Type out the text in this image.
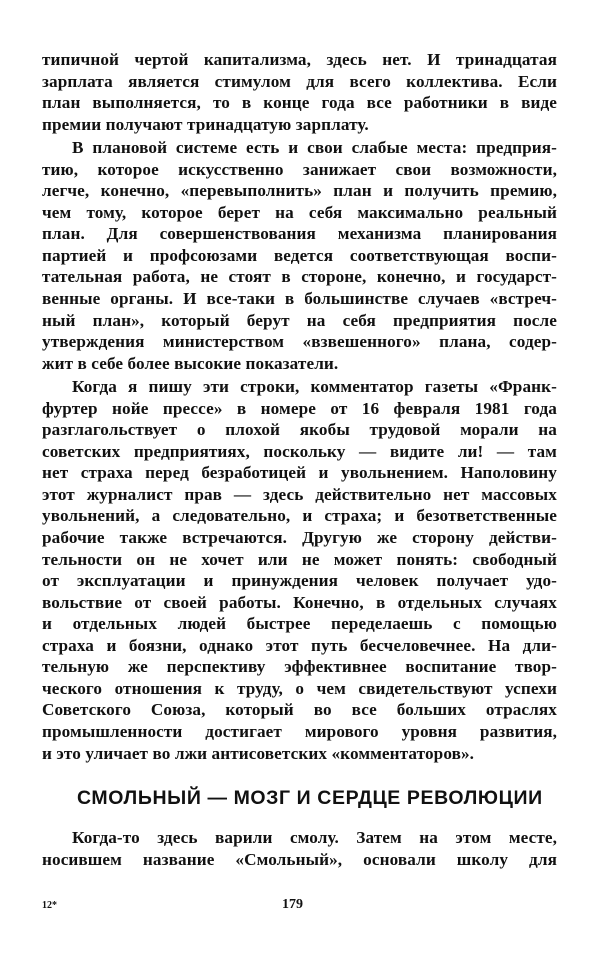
типичной чертой капитализма, здесь нет. И тринадцатая
зарплата является стимулом для всего коллектива. Если
план выполняется, то в конце года все работники в виде
премии получают тринадцатую зарплату.
В плановой системе есть и свои слабые места: предприя-
тию, которое искусственно занижает свои возможности,
легче, конечно, «перевыполнить» план и получить премию,
чем тому, которое берет на себя максимально реальный
план. Для совершенствования механизма планирования
партией и профсоюзами ведется соответствующая воспи-
тательная работа, не стоят в стороне, конечно, и государст-
венные органы. И все-таки в большинстве случаев «встреч-
ный план», который берут на себя предприятия после
утверждения министерством «взвешенного» плана, содер-
жит в себе более высокие показатели.
Когда я пишу эти строки, комментатор газеты «Франк-
фуртер нойе прессе» в номере от 16 февраля 1981 года
разглагольствует о плохой якобы трудовой морали на
советских предприятиях, поскольку — видите ли! — там
нет страха перед безработицей и увольнением. Наполовину
этот журналист прав — здесь действительно нет массовых
увольнений, а следовательно, и страха; и безответственные
рабочие также встречаются. Другую же сторону действи-
тельности он не хочет или не может понять: свободный
от эксплуатации и принуждения человек получает удо-
вольствие от своей работы. Конечно, в отдельных случаях
и отдельных людей быстрее переделаешь с помощью
страха и боязни, однако этот путь бесчеловечнее. На дли-
тельную же перспективу эффективнее воспитание твор-
ческого отношения к труду, о чем свидетельствуют успехи
Советского Союза, который во все больших отраслях
промышленности достигает мирового уровня развития,
и это уличает во лжи антисоветских «комментаторов».
СМОЛЬНЫЙ — МОЗГ И СЕРДЦЕ РЕВОЛЮЦИИ
Когда-то здесь варили смолу. Затем на этом месте,
носившем название «Смольный», основали школу для
12*	179
